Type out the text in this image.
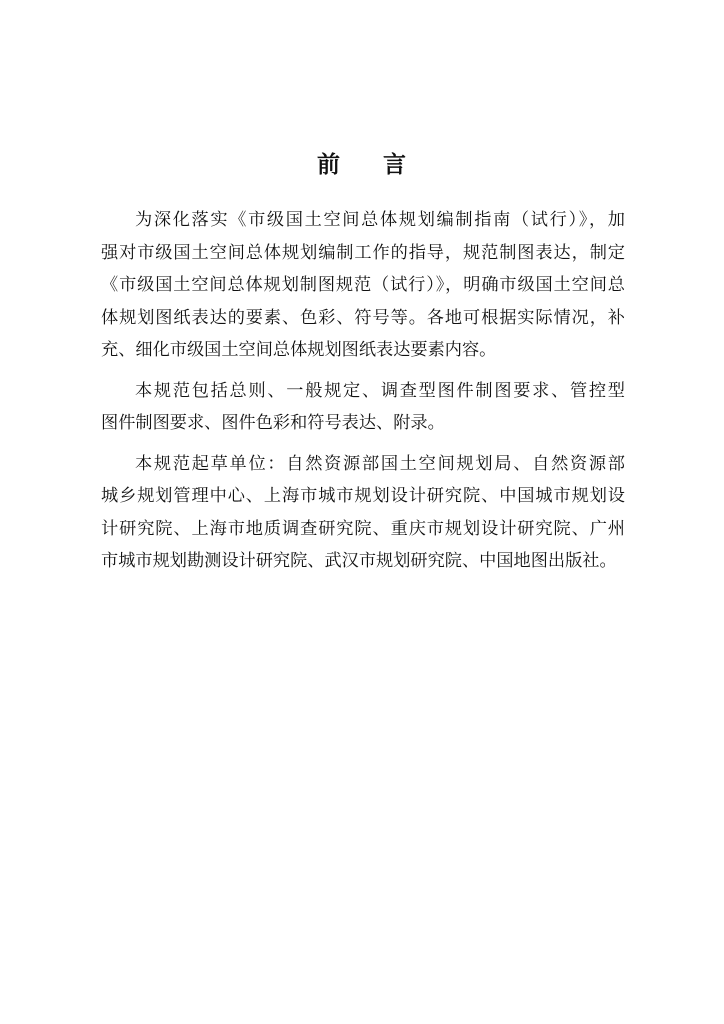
前 言
为深化落实《市级国土空间总体规划编制指南（试行）》，加
强对市级国土空间总体规划编制工作的指导，规范制图表达，制定
《市级国土空间总体规划制图规范（试行）》，明确市级国土空间总
体规划图纸表达的要素、色彩、符号等。各地可根据实际情况，补
充、细化市级国土空间总体规划图纸表达要素内容。
本规范包括总则、一般规定、调查型图件制图要求、管控型
图件制图要求、图件色彩和符号表达、附录。
本规范起草单位：自然资源部国土空间规划局、自然资源部
城乡规划管理中心、上海市城市规划设计研究院、中国城市规划设
计研究院、上海市地质调查研究院、重庆市规划设计研究院、广州
市城市规划勘测设计研究院、武汉市规划研究院、中国地图出版社。
